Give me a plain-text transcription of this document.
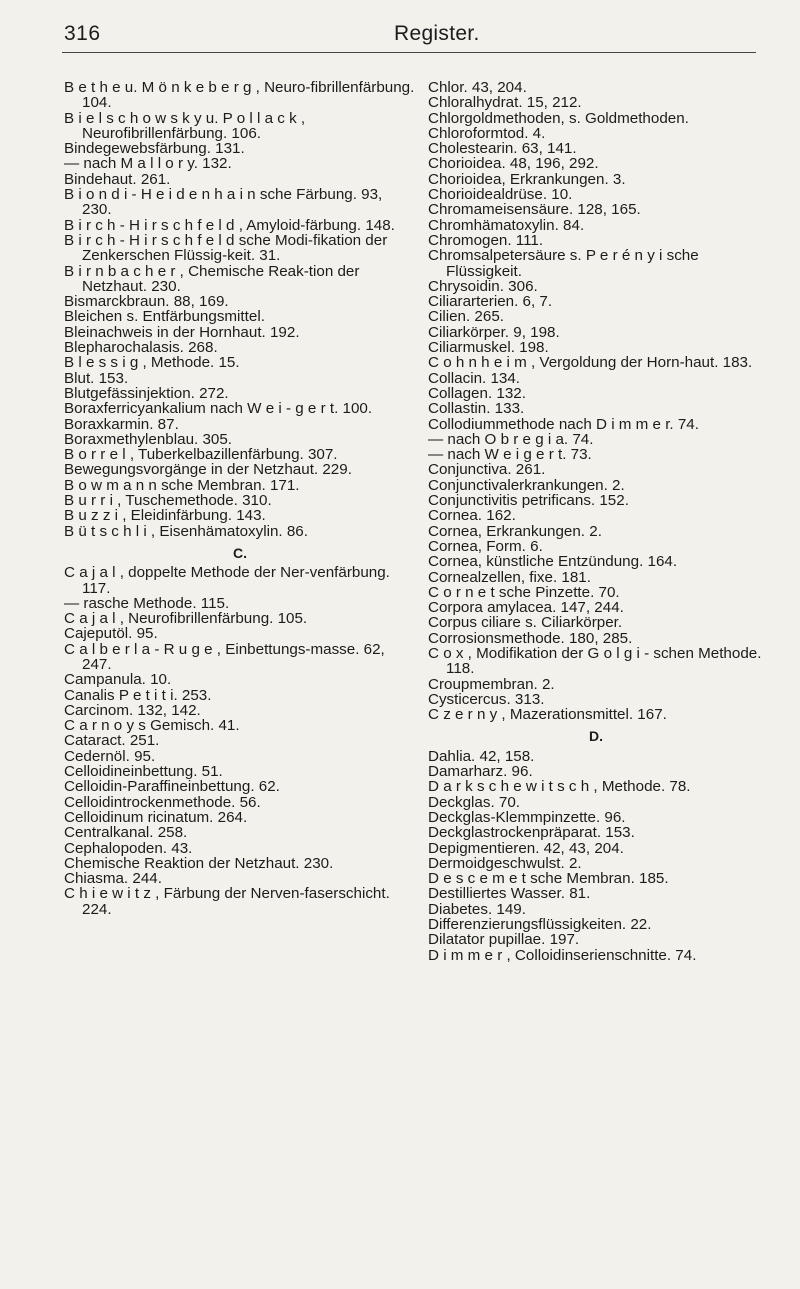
316	Register.

B e t h e u. M ö n k e b e r g , Neuro-fibrillenfärbung. 104.

B i e l s c h o w s k y u. P o l l a c k , Neurofibrillenfärbung. 106.

Bindegewebsfärbung. 131.

— nach M a l l o r y. 132.

Bindehaut. 261.

B i o n d i - H e i d e n h a i n sche Färbung. 93, 230.

B i r c h - H i r s c h f e l d , Amyloid-färbung. 148.

B i r c h - H i r s c h f e l d sche Modi-fikation der Zenkerschen Flüssig-keit. 31.

B i r n b a c h e r , Chemische Reak-tion der Netzhaut. 230.

Bismarckbraun. 88, 169.

Bleichen s. Entfärbungsmittel.

Bleinachweis in der Hornhaut. 192.

Blepharochalasis. 268.

B l e s s i g , Methode. 15.

Blut. 153.

Blutgefässinjektion. 272.

Boraxferricyankalium nach W e i - g e r t. 100.

Boraxkarmin. 87.

Boraxmethylenblau. 305.

B o r r e l , Tuberkelbazillenfärbung. 307.

Bewegungsvorgänge in der Netzhaut. 229.

B o w m a n n sche Membran. 171.

B u r r i , Tuschemethode. 310.

B u z z i , Eleidinfärbung. 143.

B ü t s c h l i , Eisenhämatoxylin. 86.

C.

C a j a l , doppelte Methode der Ner-venfärbung. 117.

— rasche Methode. 115.

C a j a l , Neurofibrillenfärbung. 105.

Cajeputöl. 95.

C a l b e r l a - R u g e , Einbettungs-masse. 62, 247.

Campanula. 10.

Canalis P e t i t i. 253.

Carcinom. 132, 142.

C a r n o y s Gemisch. 41.

Cataract. 251.

Cedernöl. 95.

Celloidineinbettung. 51.

Celloidin-Paraffineinbettung. 62.

Celloidintrockenmethode. 56.

Celloidinum ricinatum. 264.

Centralkanal. 258.

Cephalopoden. 43.

Chemische Reaktion der Netzhaut. 230.

Chiasma. 244.

C h i e w i t z , Färbung der Nerven-faserschicht. 224.

Chlor. 43, 204.

Chloralhydrat. 15, 212.

Chlorgoldmethoden, s. Goldmethoden.

Chloroformtod. 4.

Cholestearin. 63, 141.

Chorioidea. 48, 196, 292.

Chorioidea, Erkrankungen. 3.

Chorioidealdrüse. 10.

Chromameisensäure. 128, 165.

Chromhämatoxylin. 84.

Chromogen. 111.

Chromsalpetersäure s. P e r é n y i sche Flüssigkeit.

Chrysoidin. 306.

Ciliararterien. 6, 7.

Cilien. 265.

Ciliarkörper. 9, 198.

Ciliarmuskel. 198.

C o h n h e i m , Vergoldung der Horn-haut. 183.

Collacin. 134.

Collagen. 132.

Collastin. 133.

Collodiummethode nach D i m m e r. 74.

— nach O b r e g i a. 74.

— nach W e i g e r t. 73.

Conjunctiva. 261.

Conjunctivalerkrankungen. 2.

Conjunctivitis petrificans. 152.

Cornea. 162.

Cornea, Erkrankungen. 2.

Cornea, Form. 6.

Cornea, künstliche Entzündung. 164.

Cornealzellen, fixe. 181.

C o r n e t sche Pinzette. 70.

Corpora amylacea. 147, 244.

Corpus ciliare s. Ciliarkörper.

Corrosionsmethode. 180, 285.

C o x , Modifikation der G o l g i - schen Methode. 118.

Croupmembran. 2.

Cysticercus. 313.

C z e r n y , Mazerationsmittel. 167.

D.

Dahlia. 42, 158.

Damarharz. 96.

D a r k s c h e w i t s c h , Methode. 78.

Deckglas. 70.

Deckglas-Klemmpinzette. 96.

Deckglastrockenpräparat. 153.

Depigmentieren. 42, 43, 204.

Dermoidgeschwulst. 2.

D e s c e m e t sche Membran. 185.

Destilliertes Wasser. 81.

Diabetes. 149.

Differenzierungsflüssigkeiten. 22.

Dilatator pupillae. 197.

D i m m e r , Colloidinserienschnitte. 74.
